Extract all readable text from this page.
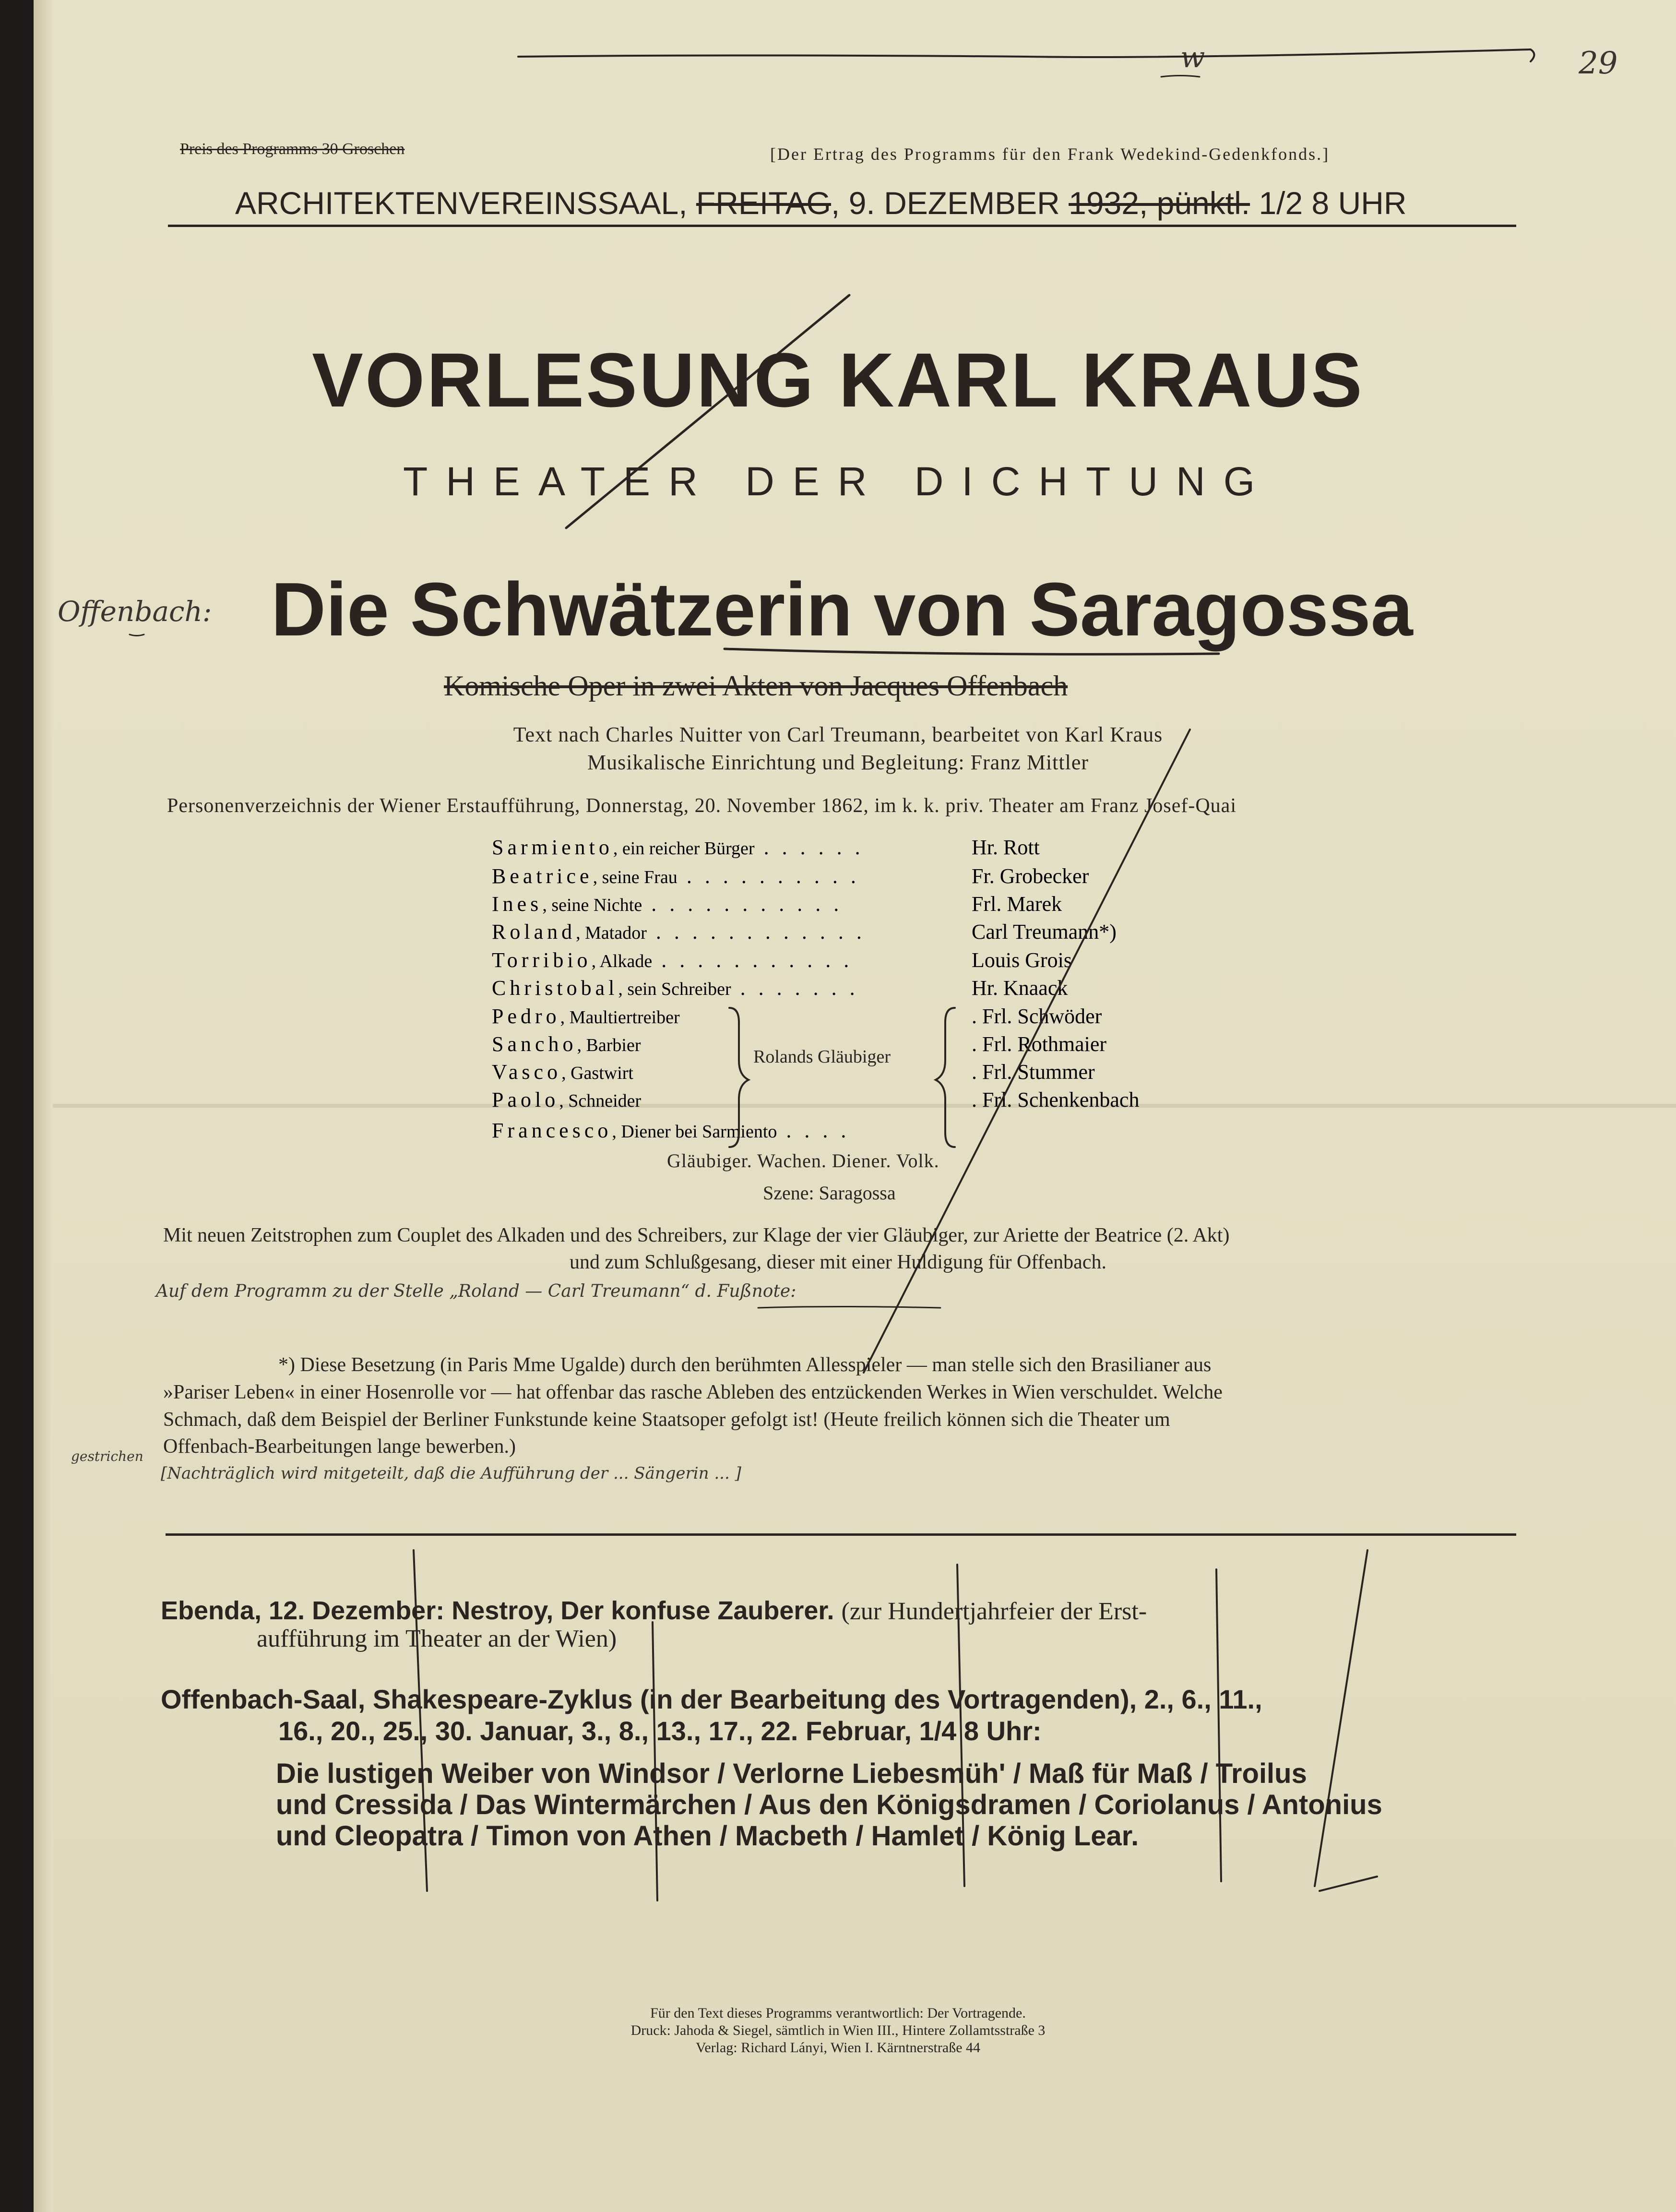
29
w
Preis des Programms 30 Groschen	[Der Ertrag des Programms für den Frank Wedekind-Gedenkfonds.]
ARCHITEKTENVEREINSSAAL, FREITAG, 9. DEZEMBER 1932, pünktl. 1/2 8 UHR
VORLESUNG KARL KRAUS
THEATER DER DICHTUNG
Offenbach: Die Schwätzerin von Saragossa
Komische Oper in zwei Akten von Jacques Offenbach
Text nach Charles Nuitter von Carl Treumann, bearbeitet von Karl Kraus
Musikalische Einrichtung und Begleitung: Franz Mittler
Personenverzeichnis der Wiener Erstaufführung, Donnerstag, 20. November 1862, im k. k. priv. Theater am Franz Josef-Quai
Sarmiento, ein reicher Bürger . . . . . .	Hr. Rott
Beatrice, seine Frau . . . . . . . . . .	Fr. Grobecker
Ines, seine Nichte . . . . . . . . . . .	Frl. Marek
Roland, Matador . . . . . . . . . . . .	Carl Treumann*)
Torribio, Alkade . . . . . . . . . . .	Louis Grois
Christobal, sein Schreiber . . . . . . .	Hr. Knaack
Pedro, Maultiertreiber	. Frl. Schwöder
Sancho, Barbier	. Frl. Rothmaier
Vasco, Gastwirt	. Frl. Stummer
Paolo, Schneider	. Frl. Schenkenbach
Rolands Gläubiger
Francesco, Diener bei Sarmiento . . . .
Gläubiger. Wachen. Diener. Volk.
Szene: Saragossa
Mit neuen Zeitstrophen zum Couplet des Alkaden und des Schreibers, zur Klage der vier Gläubiger, zur Ariette der Beatrice (2. Akt)
und zum Schlußgesang, dieser mit einer Huldigung für Offenbach.
Auf dem Programm zu der Stelle „Roland — Carl Treumann“ d. Fußnote:
*) Diese Besetzung (in Paris Mme Ugalde) durch den berühmten Allesspieler — man stelle sich den Brasilianer aus
»Pariser Leben« in einer Hosenrolle vor — hat offenbar das rasche Ableben des entzückenden Werkes in Wien verschuldet. Welche
Schmach, daß dem Beispiel der Berliner Funkstunde keine Staatsoper gefolgt ist! (Heute freilich können sich die Theater um
Offenbach-Bearbeitungen lange bewerben.)
gestrichen
[Nachträglich wird mitgeteilt, daß die Aufführung der ... Sängerin ... ]
Ebenda, 12. Dezember: Nestroy, Der konfuse Zauberer. (zur Hundertjahrfeier der Erst-
aufführung im Theater an der Wien)
Offenbach-Saal, Shakespeare-Zyklus (in der Bearbeitung des Vortragenden), 2., 6., 11.,
16., 20., 25., 30. Januar, 3., 8., 13., 17., 22. Februar, 1/4 8 Uhr:
Die lustigen Weiber von Windsor / Verlorne Liebesmüh' / Maß für Maß / Troilus
und Cressida / Das Wintermärchen / Aus den Königsdramen / Coriolanus / Antonius
und Cleopatra / Timon von Athen / Macbeth / Hamlet / König Lear.
Für den Text dieses Programms verantwortlich: Der Vortragende.
Druck: Jahoda & Siegel, sämtlich in Wien III., Hintere Zollamtsstraße 3
Verlag: Richard Lányi, Wien I. Kärntnerstraße 44
